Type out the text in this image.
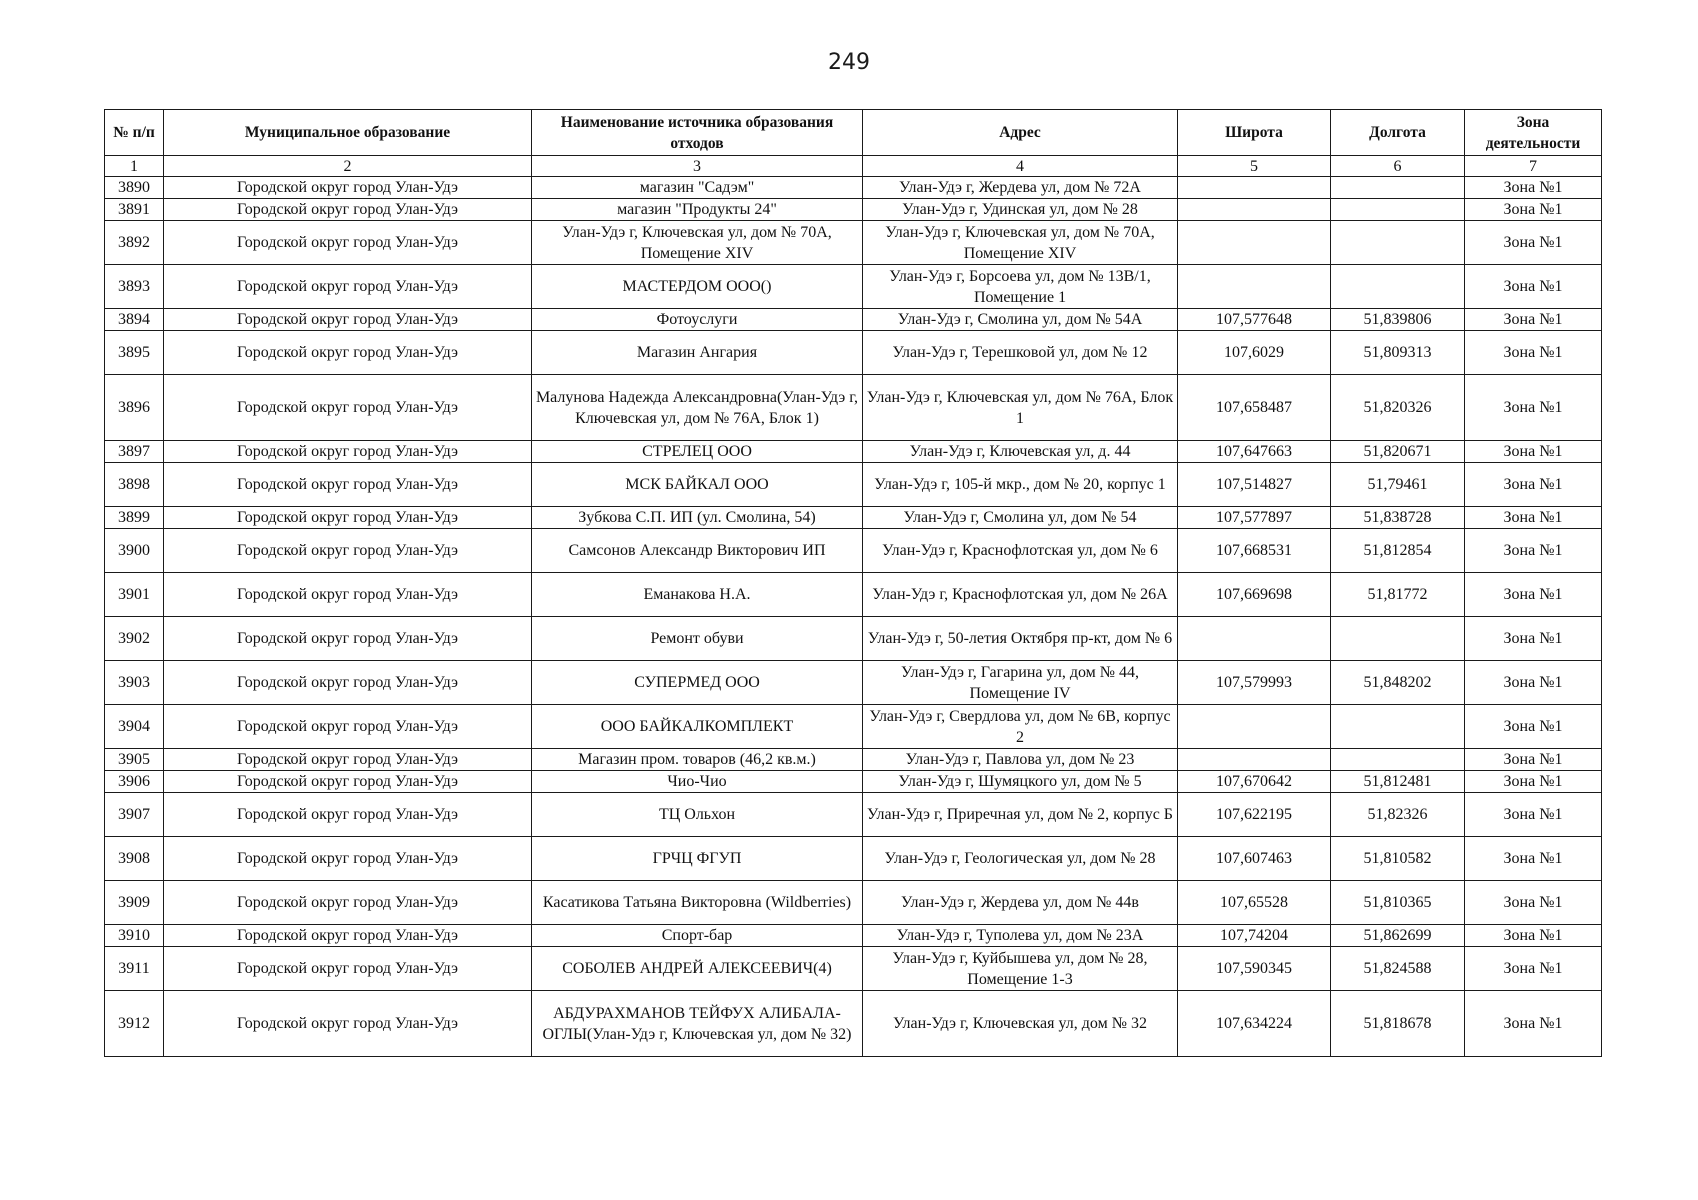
249
№ п/п	Муниципальное образование	Наименование источника образования отходов	Адрес	Широта	Долгота	Зона деятельности
1	2	3	4	5	6	7
3890	Городской округ город Улан-Удэ	магазин "Садэм"	Улан-Удэ г, Жердева ул, дом № 72А			Зона №1
3891	Городской округ город Улан-Удэ	магазин "Продукты 24"	Улан-Удэ г, Удинская ул, дом № 28			Зона №1
3892	Городской округ город Улан-Удэ	Улан-Удэ г, Ключевская ул, дом № 70А, Помещение XIV	Улан-Удэ г, Ключевская ул, дом № 70А, Помещение XIV			Зона №1
3893	Городской округ город Улан-Удэ	МАСТЕРДОМ ООО()	Улан-Удэ г, Борсоева ул, дом № 13В/1, Помещение 1			Зона №1
3894	Городской округ город Улан-Удэ	Фотоуслуги	Улан-Удэ г, Смолина ул, дом № 54А	107,577648	51,839806	Зона №1
3895	Городской округ город Улан-Удэ	Магазин Ангария	Улан-Удэ г, Терешковой ул, дом № 12	107,6029	51,809313	Зона №1
3896	Городской округ город Улан-Удэ	Малунова Надежда Александровна(Улан-Удэ г, Ключевская ул, дом № 76А, Блок 1)	Улан-Удэ г, Ключевская ул, дом № 76А, Блок 1	107,658487	51,820326	Зона №1
3897	Городской округ город Улан-Удэ	СТРЕЛЕЦ ООО	Улан-Удэ г, Ключевская ул, д. 44	107,647663	51,820671	Зона №1
3898	Городской округ город Улан-Удэ	МСК БАЙКАЛ ООО	Улан-Удэ г, 105-й мкр., дом № 20, корпус 1	107,514827	51,79461	Зона №1
3899	Городской округ город Улан-Удэ	Зубкова С.П. ИП (ул. Смолина, 54)	Улан-Удэ г, Смолина ул, дом № 54	107,577897	51,838728	Зона №1
3900	Городской округ город Улан-Удэ	Самсонов Александр Викторович ИП	Улан-Удэ г, Краснофлотская ул, дом № 6	107,668531	51,812854	Зона №1
3901	Городской округ город Улан-Удэ	Еманакова Н.А.	Улан-Удэ г, Краснофлотская ул, дом № 26А	107,669698	51,81772	Зона №1
3902	Городской округ город Улан-Удэ	Ремонт обуви	Улан-Удэ г, 50-летия Октября пр-кт, дом № 6			Зона №1
3903	Городской округ город Улан-Удэ	СУПЕРМЕД ООО	Улан-Удэ г, Гагарина ул, дом № 44, Помещение IV	107,579993	51,848202	Зона №1
3904	Городской округ город Улан-Удэ	ООО БАЙКАЛКОМПЛЕКТ	Улан-Удэ г, Свердлова ул, дом № 6В, корпус 2			Зона №1
3905	Городской округ город Улан-Удэ	Магазин пром. товаров (46,2 кв.м.)	Улан-Удэ г, Павлова ул, дом № 23			Зона №1
3906	Городской округ город Улан-Удэ	Чио-Чио	Улан-Удэ г, Шумяцкого ул, дом № 5	107,670642	51,812481	Зона №1
3907	Городской округ город Улан-Удэ	ТЦ Ольхон	Улан-Удэ г, Приречная ул, дом № 2, корпус Б	107,622195	51,82326	Зона №1
3908	Городской округ город Улан-Удэ	ГРЧЦ ФГУП	Улан-Удэ г, Геологическая ул, дом № 28	107,607463	51,810582	Зона №1
3909	Городской округ город Улан-Удэ	Касатикова Татьяна Викторовна (Wildberries)	Улан-Удэ г, Жердева ул, дом № 44в	107,65528	51,810365	Зона №1
3910	Городской округ город Улан-Удэ	Спорт-бар	Улан-Удэ г, Туполева ул, дом № 23А	107,74204	51,862699	Зона №1
3911	Городской округ город Улан-Удэ	СОБОЛЕВ АНДРЕЙ АЛЕКСЕЕВИЧ(4)	Улан-Удэ г, Куйбышева ул, дом № 28, Помещение 1-3	107,590345	51,824588	Зона №1
3912	Городской округ город Улан-Удэ	АБДУРАХМАНОВ ТЕЙФУХ АЛИБАЛА-ОГЛЫ(Улан-Удэ г, Ключевская ул, дом № 32)	Улан-Удэ г, Ключевская ул, дом № 32	107,634224	51,818678	Зона №1
